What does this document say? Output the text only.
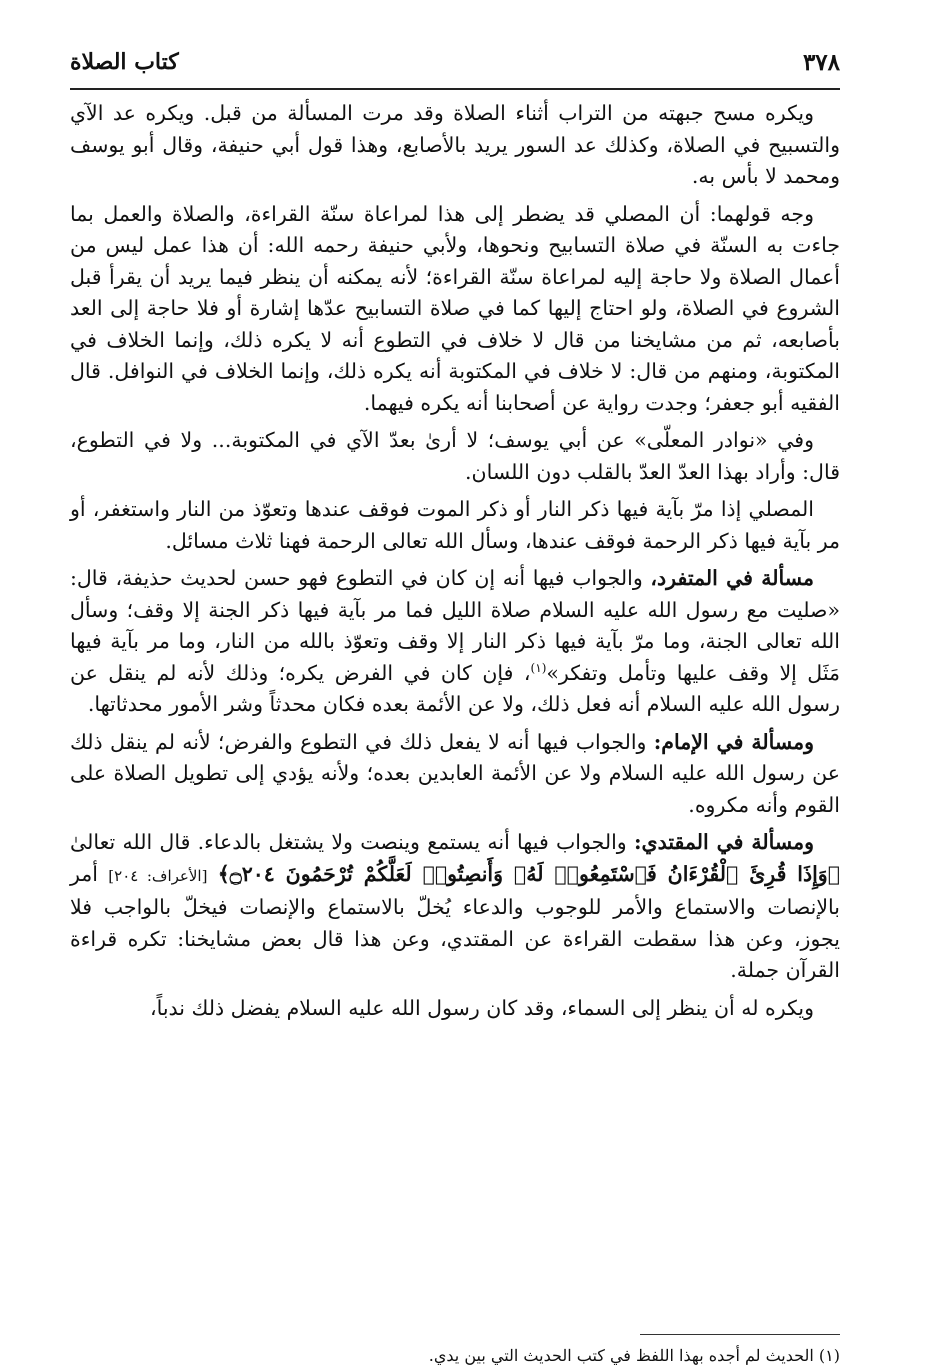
٣٧٨
كتاب الصلاة

ويكره مسح جبهته من التراب أثناء الصلاة وقد مرت المسألة من قبل. ويكره عد الآي والتسبيح في الصلاة، وكذلك عد السور يريد بالأصابع، وهذا قول أبي حنيفة، وقال أبو يوسف ومحمد لا بأس به.

وجه قولهما: أن المصلي قد يضطر إلى هذا لمراعاة سنّة القراءة، والصلاة والعمل بما جاءت به السنّة في صلاة التسابيح ونحوها، ولأبي حنيفة رحمه الله: أن هذا عمل ليس من أعمال الصلاة ولا حاجة إليه لمراعاة سنّة القراءة؛ لأنه يمكنه أن ينظر فيما يريد أن يقرأ قبل الشروع في الصلاة، ولو احتاج إليها كما في صلاة التسابيح عدّها إشارة أو فلا حاجة إلى العد بأصابعه، ثم من مشايخنا من قال لا خلاف في التطوع أنه لا يكره ذلك، وإنما الخلاف في المكتوبة، ومنهم من قال: لا خلاف في المكتوبة أنه يكره ذلك، وإنما الخلاف في النوافل. قال الفقيه أبو جعفر؛ وجدت رواية عن أصحابنا أنه يكره فيهما.

وفي «نوادر المعلّى» عن أبي يوسف؛ لا أرىٰ بعدّ الآي في المكتوبة... ولا في التطوع، قال: وأراد بهذا العدّ العدّ بالقلب دون اللسان.

المصلي إذا مرّ بآية فيها ذكر النار أو ذكر الموت فوقف عندها وتعوّذ من النار واستغفر، أو مر بآية فيها ذكر الرحمة فوقف عندها، وسأل الله تعالى الرحمة فهنا ثلاث مسائل.

مسألة في المتفرد، والجواب فيها أنه إن كان في التطوع فهو حسن لحديث حذيفة، قال: «صليت مع رسول الله عليه السلام صلاة الليل فما مر بآية فيها ذكر الجنة إلا وقف؛ وسأل الله تعالى الجنة، وما مرّ بآية فيها ذكر النار إلا وقف وتعوّذ بالله من النار، وما مر بآية فيها مَثَل إلا وقف عليها وتأمل وتفكر»$^{(١)}$، فإن كان في الفرض يكره؛ وذلك لأنه لم ينقل عن رسول الله عليه السلام أنه فعل ذلك، ولا عن الأئمة بعده فكان محدثاً وشر الأمور محدثاتها.

ومسألة في الإمام: والجواب فيها أنه لا يفعل ذلك في التطوع والفرض؛ لأنه لم ينقل ذلك عن رسول الله عليه السلام ولا عن الأئمة العابدين بعده؛ ولأنه يؤدي إلى تطويل الصلاة على القوم وأنه مكروه.

ومسألة في المقتدي: والجواب فيها أنه يستمع وينصت ولا يشتغل بالدعاء. قال الله تعالىٰ ﴿وَإِذَا قُرِئَ ٱلْقُرْءَانُ فَٱسْتَمِعُوا۟ لَهُۥ وَأَنصِتُوا۟ لَعَلَّكُمْ تُرْحَمُونَ ۝٢٠٤﴾ [الأعراف: ٢٠٤] أمر بالإنصات والاستماع والأمر للوجوب والدعاء يُخلّ بالاستماع والإنصات فيخلّ بالواجب فلا يجوز، وعن هذا سقطت القراءة عن المقتدي، وعن هذا قال بعض مشايخنا: تكره قراءة القرآن جملة.

ويكره له أن ينظر إلى السماء، وقد كان رسول الله عليه السلام يفضل ذلك ندباً،

(١) الحديث لم أجده بهذا اللفظ في كتب الحديث التي بين يدي.
